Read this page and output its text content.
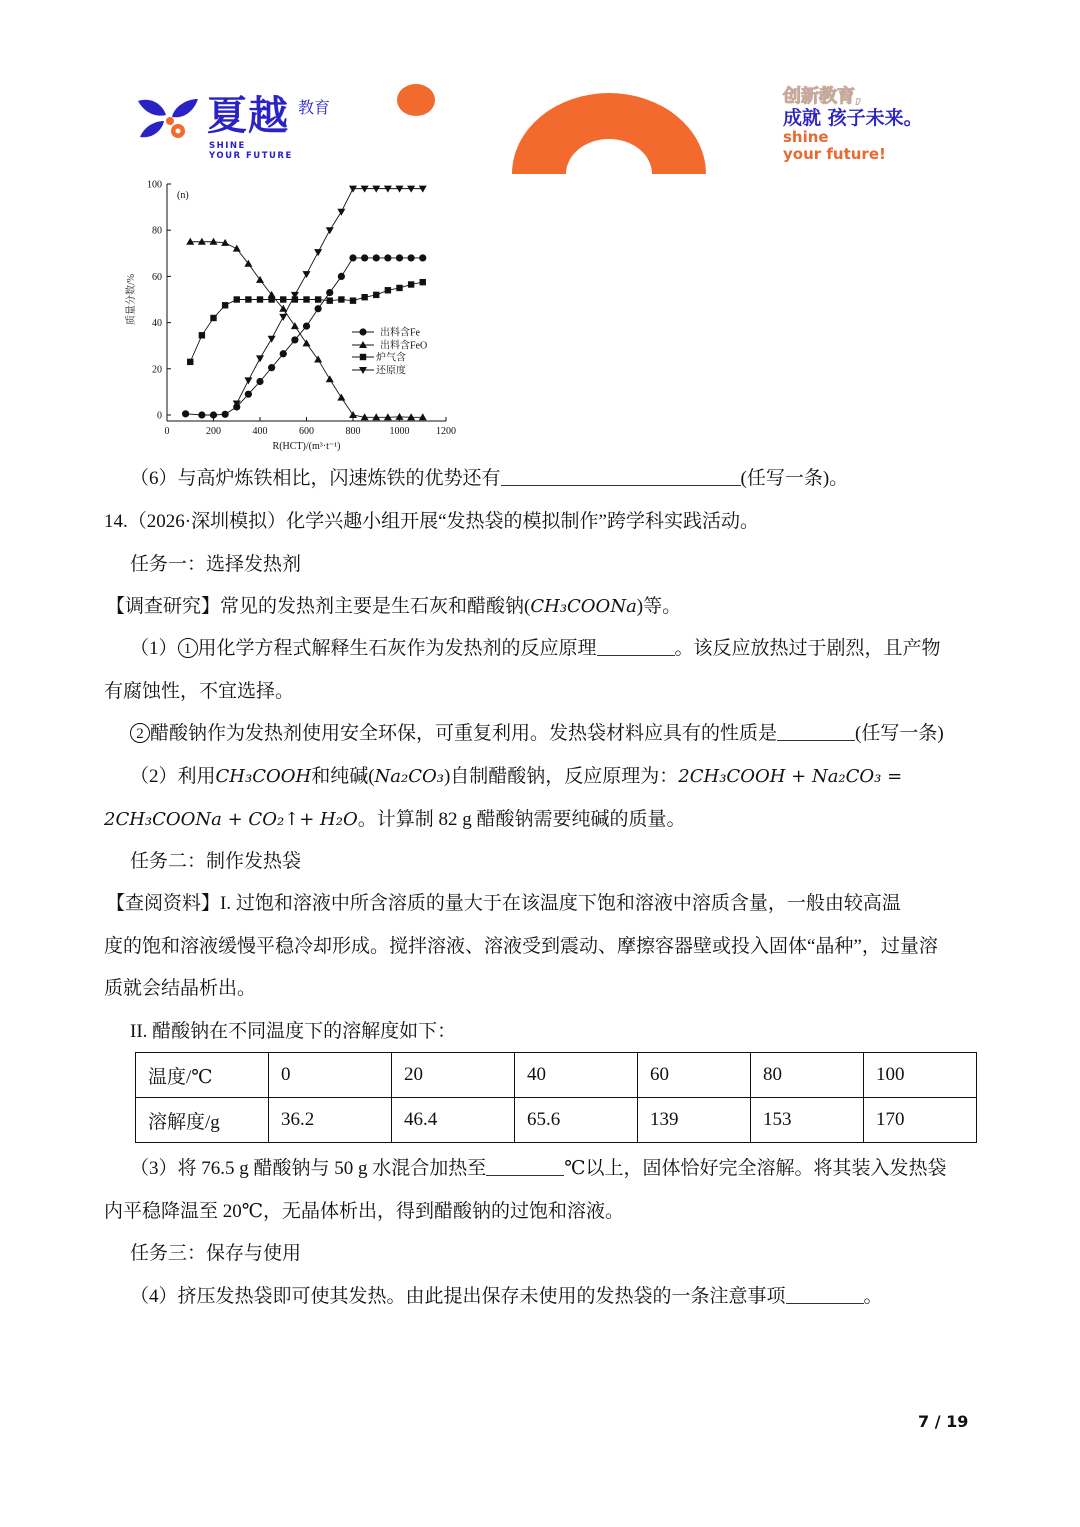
夏越 教育
SHINE
YOUR FUTURE
创新教育,
成就 孩子未来。
shine
your future!
0
20
40
60
80
100
0	200	400	600	800	1000	1200
R(HCT)/(m³·t⁻¹)
质量分数/%
(n)
出料含Fe
出料含FeO
炉气含
还原度
（6）与高炉炼铁相比，闪速炼铁的优势还有	(任写一条)。
14.（2026·深圳模拟）化学兴趣小组开展“发热袋的模拟制作”跨学科实践活动。
任务一：选择发热剂
【调查研究】常见的发热剂主要是生石灰和醋酸钠(CH₃COONa)等。
（1） 1 用化学方程式解释生石灰作为发热剂的反应原理	。该反应放热过于剧烈，且产物
有腐蚀性，不宜选择。
2 醋酸钠作为发热剂使用安全环保，可重复利用。发热袋材料应具有的性质是	(任写一条)
（2）利用CH₃COOH和纯碱(Na₂CO₃)自制醋酸钠，反应原理为：2CH₃COOH + Na₂CO₃ =
2CH₃COONa + CO₂↑+ H₂O。计算制 82 g 醋酸钠需要纯碱的质量。
任务二：制作发热袋
【查阅资料】I. 过饱和溶液中所含溶质的量大于在该温度下饱和溶液中溶质含量，一般由较高温
度的饱和溶液缓慢平稳冷却形成。搅拌溶液、溶液受到震动、摩擦容器壁或投入固体“晶种”，过量溶
质就会结晶析出。
II. 醋酸钠在不同温度下的溶解度如下：
温度/℃	0	20	40	60	80	100
溶解度/g	36.2	46.4	65.6	139	153	170
（3）将 76.5 g 醋酸钠与 50 g 水混合加热至	℃以上，固体恰好完全溶解。将其装入发热袋
内平稳降温至 20℃，无晶体析出，得到醋酸钠的过饱和溶液。
任务三：保存与使用
（4）挤压发热袋即可使其发热。由此提出保存未使用的发热袋的一条注意事项	。
7 / 19
